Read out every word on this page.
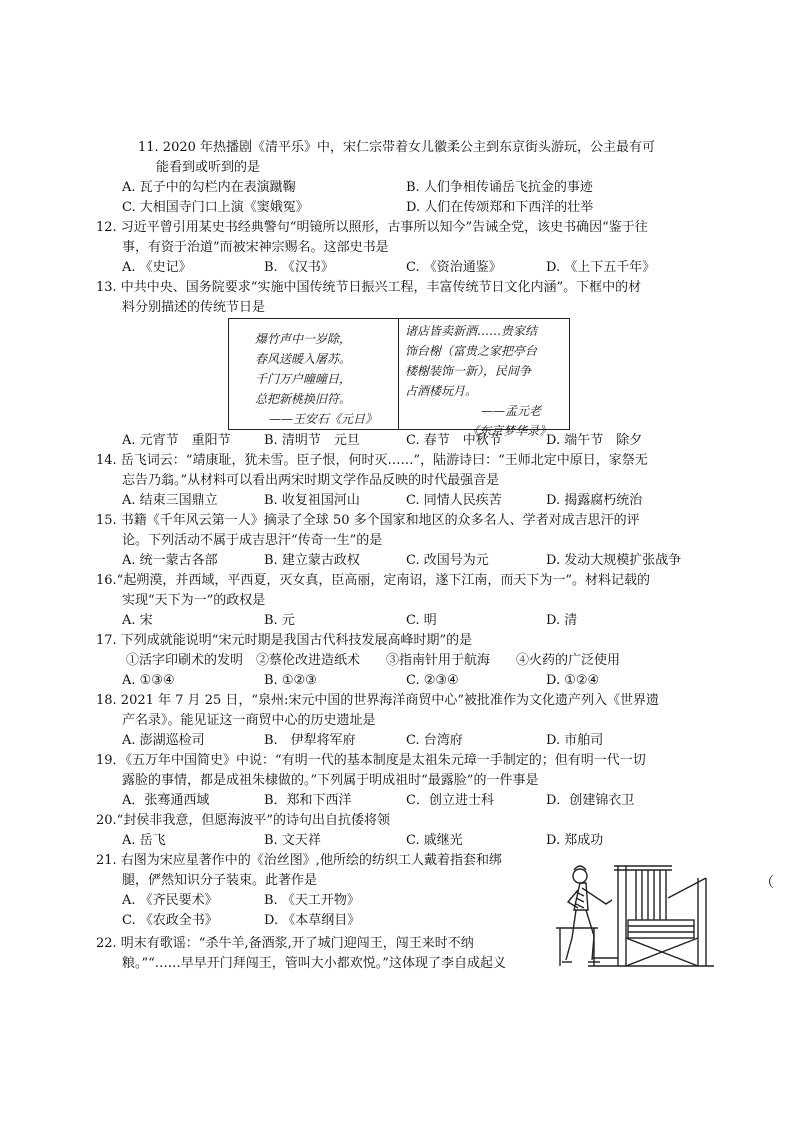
11. 2020 年热播剧《清平乐》中，宋仁宗带着女儿徽柔公主到东京街头游玩，公主最有可
能看到或听到的是
A. 瓦子中的勾栏内在表演蹴鞠	B. 人们争相传诵岳飞抗金的事迹
C. 大相国寺门口上演《窦娥冤》	D. 人们在传颂郑和下西洋的壮举
12. 习近平曾引用某史书经典警句“明镜所以照形，古事所以知今”告诫全党，该史书确因“鉴于往
事，有资于治道”而被宋神宗赐名。这部史书是
A. 《史记》	B. 《汉书》	C. 《资治通鉴》	D. 《上下五千年》
13. 中共中央、国务院要求“实施中国传统节日振兴工程，丰富传统节日文化内涵”。下框中的材
料分别描述的传统节日是
爆竹声中一岁除，
春风送暖入屠苏。
千门万户曈曈日，
总把新桃换旧符。
——王安石《元日》
诸店皆卖新酒……贵家结
饰台榭（富贵之家把亭台
楼榭装饰一新），民间争
占酒楼玩月。
——孟元老
《东京梦华录》
A. 元宵节　重阳节	B. 清明节　元旦	C. 春节　中秋节	D. 端午节　除夕
14. 岳飞词云：“靖康耻，犹未雪。臣子恨，何时灭……”，陆游诗曰：“王师北定中原日，家祭无
忘告乃翁。”从材料可以看出两宋时期文学作品反映的时代最强音是
A. 结束三国鼎立	B. 收复祖国河山	C. 同情人民疾苦	D. 揭露腐朽统治
15. 书籍《千年风云第一人》摘录了全球 50 多个国家和地区的众多名人、学者对成吉思汗的评
论。下列活动不属于成吉思汗“传奇一生”的是
A. 统一蒙古各部	B. 建立蒙古政权	C. 改国号为元	D. 发动大规模扩张战争
16.“起朔漠，并西域，平西夏，灭女真，臣高丽，定南诏，遂下江南，而天下为一”。材料记载的
实现“天下为一”的政权是
A. 宋	B. 元	C. 明	D. 清
17. 下列成就能说明“宋元时期是我国古代科技发展高峰时期”的是
①活字印刷术的发明　②蔡伦改进造纸术　　③指南针用于航海　　④火药的广泛使用
A. ①③④	B. ①②③	C. ②③④	D. ①②④
18. 2021 年 7 月 25 日，“泉州:宋元中国的世界海洋商贸中心”被批准作为文化遗产列入《世界遗
产名录》。能见证这一商贸中心的历史遗址是
A. 澎湖巡检司	B.　伊犁将军府	C. 台湾府	D. 市舶司
19．《五万年中国简史》中说：“有明一代的基本制度是太祖朱元璋一手制定的；但有明一代一切
露脸的事情，都是成祖朱棣做的。”下列属于明成祖时“最露脸”的一件事是
A．张骞通西域	B．郑和下西洋	C．创立进士科	D．创建锦衣卫
20.“封侯非我意，但愿海波平”的诗句出自抗倭将领
A. 岳飞	B. 文天祥	C. 戚继光	D. 郑成功
21. 右图为宋应星著作中的《治丝图》,他所绘的纺织工人戴着指套和绑
腿，俨然知识分子装束。此著作是
A. 《齐民要术》	B. 《天工开物》
C. 《农政全书》	D. 《本草纲目》
22. 明末有歌谣：“杀牛羊,备酒浆,开了城门迎闯王，闯王来时不纳
粮。”“……早早开门拜闯王，管叫大小都欢悦。”这体现了李自成起义
（
